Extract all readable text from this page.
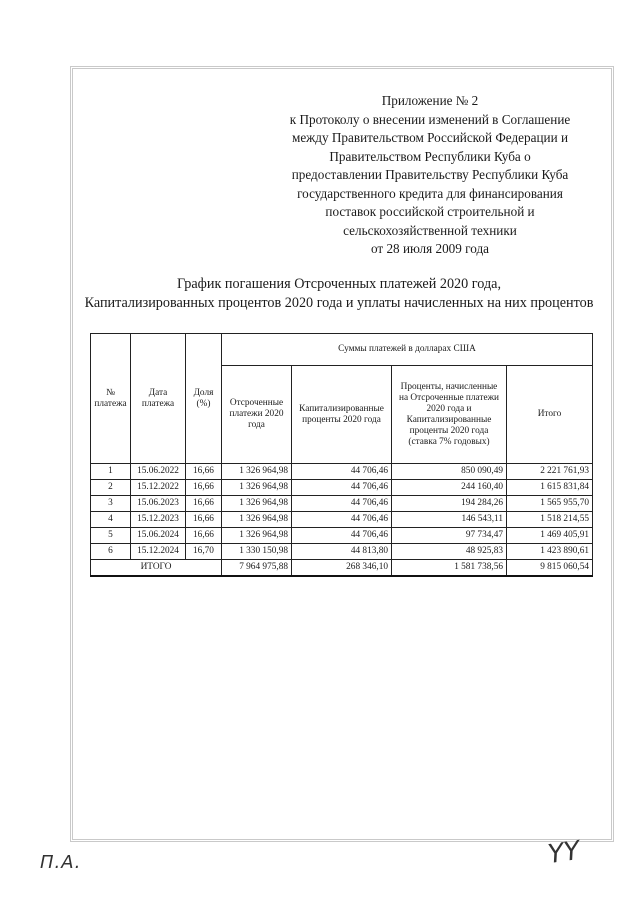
Приложение № 2
к Протоколу о внесении изменений в Соглашение
между Правительством Российской Федерации и
Правительством Республики Куба о
предоставлении Правительству Республики Куба
государственного кредита для финансирования
поставок российской строительной и
сельскохозяйственной техники
от 28 июля 2009 года
График погашения Отсроченных платежей 2020 года,
Капитализированных процентов 2020 года и уплаты начисленных на них процентов
№ платежа	Дата платежа	Доля (%)	Суммы платежей в долларах США			
			Отсроченные платежи 2020 года	Капитализированные проценты 2020 года	Проценты, начисленные на Отсроченные платежи 2020 года и Капитализированные проценты 2020 года (ставка 7% годовых)	Итого
1	15.06.2022	16,66	1 326 964,98	44 706,46	850 090,49	2 221 761,93
2	15.12.2022	16,66	1 326 964,98	44 706,46	244 160,40	1 615 831,84
3	15.06.2023	16,66	1 326 964,98	44 706,46	194 284,26	1 565 955,70
4	15.12.2023	16,66	1 326 964,98	44 706,46	146 543,11	1 518 214,55
5	15.06.2024	16,66	1 326 964,98	44 706,46	97 734,47	1 469 405,91
6	15.12.2024	16,70	1 330 150,98	44 813,80	48 925,83	1 423 890,61
ИТОГО			7 964 975,88	268 346,10	1 581 738,56	9 815 060,54
П.А.	ҮҮ
